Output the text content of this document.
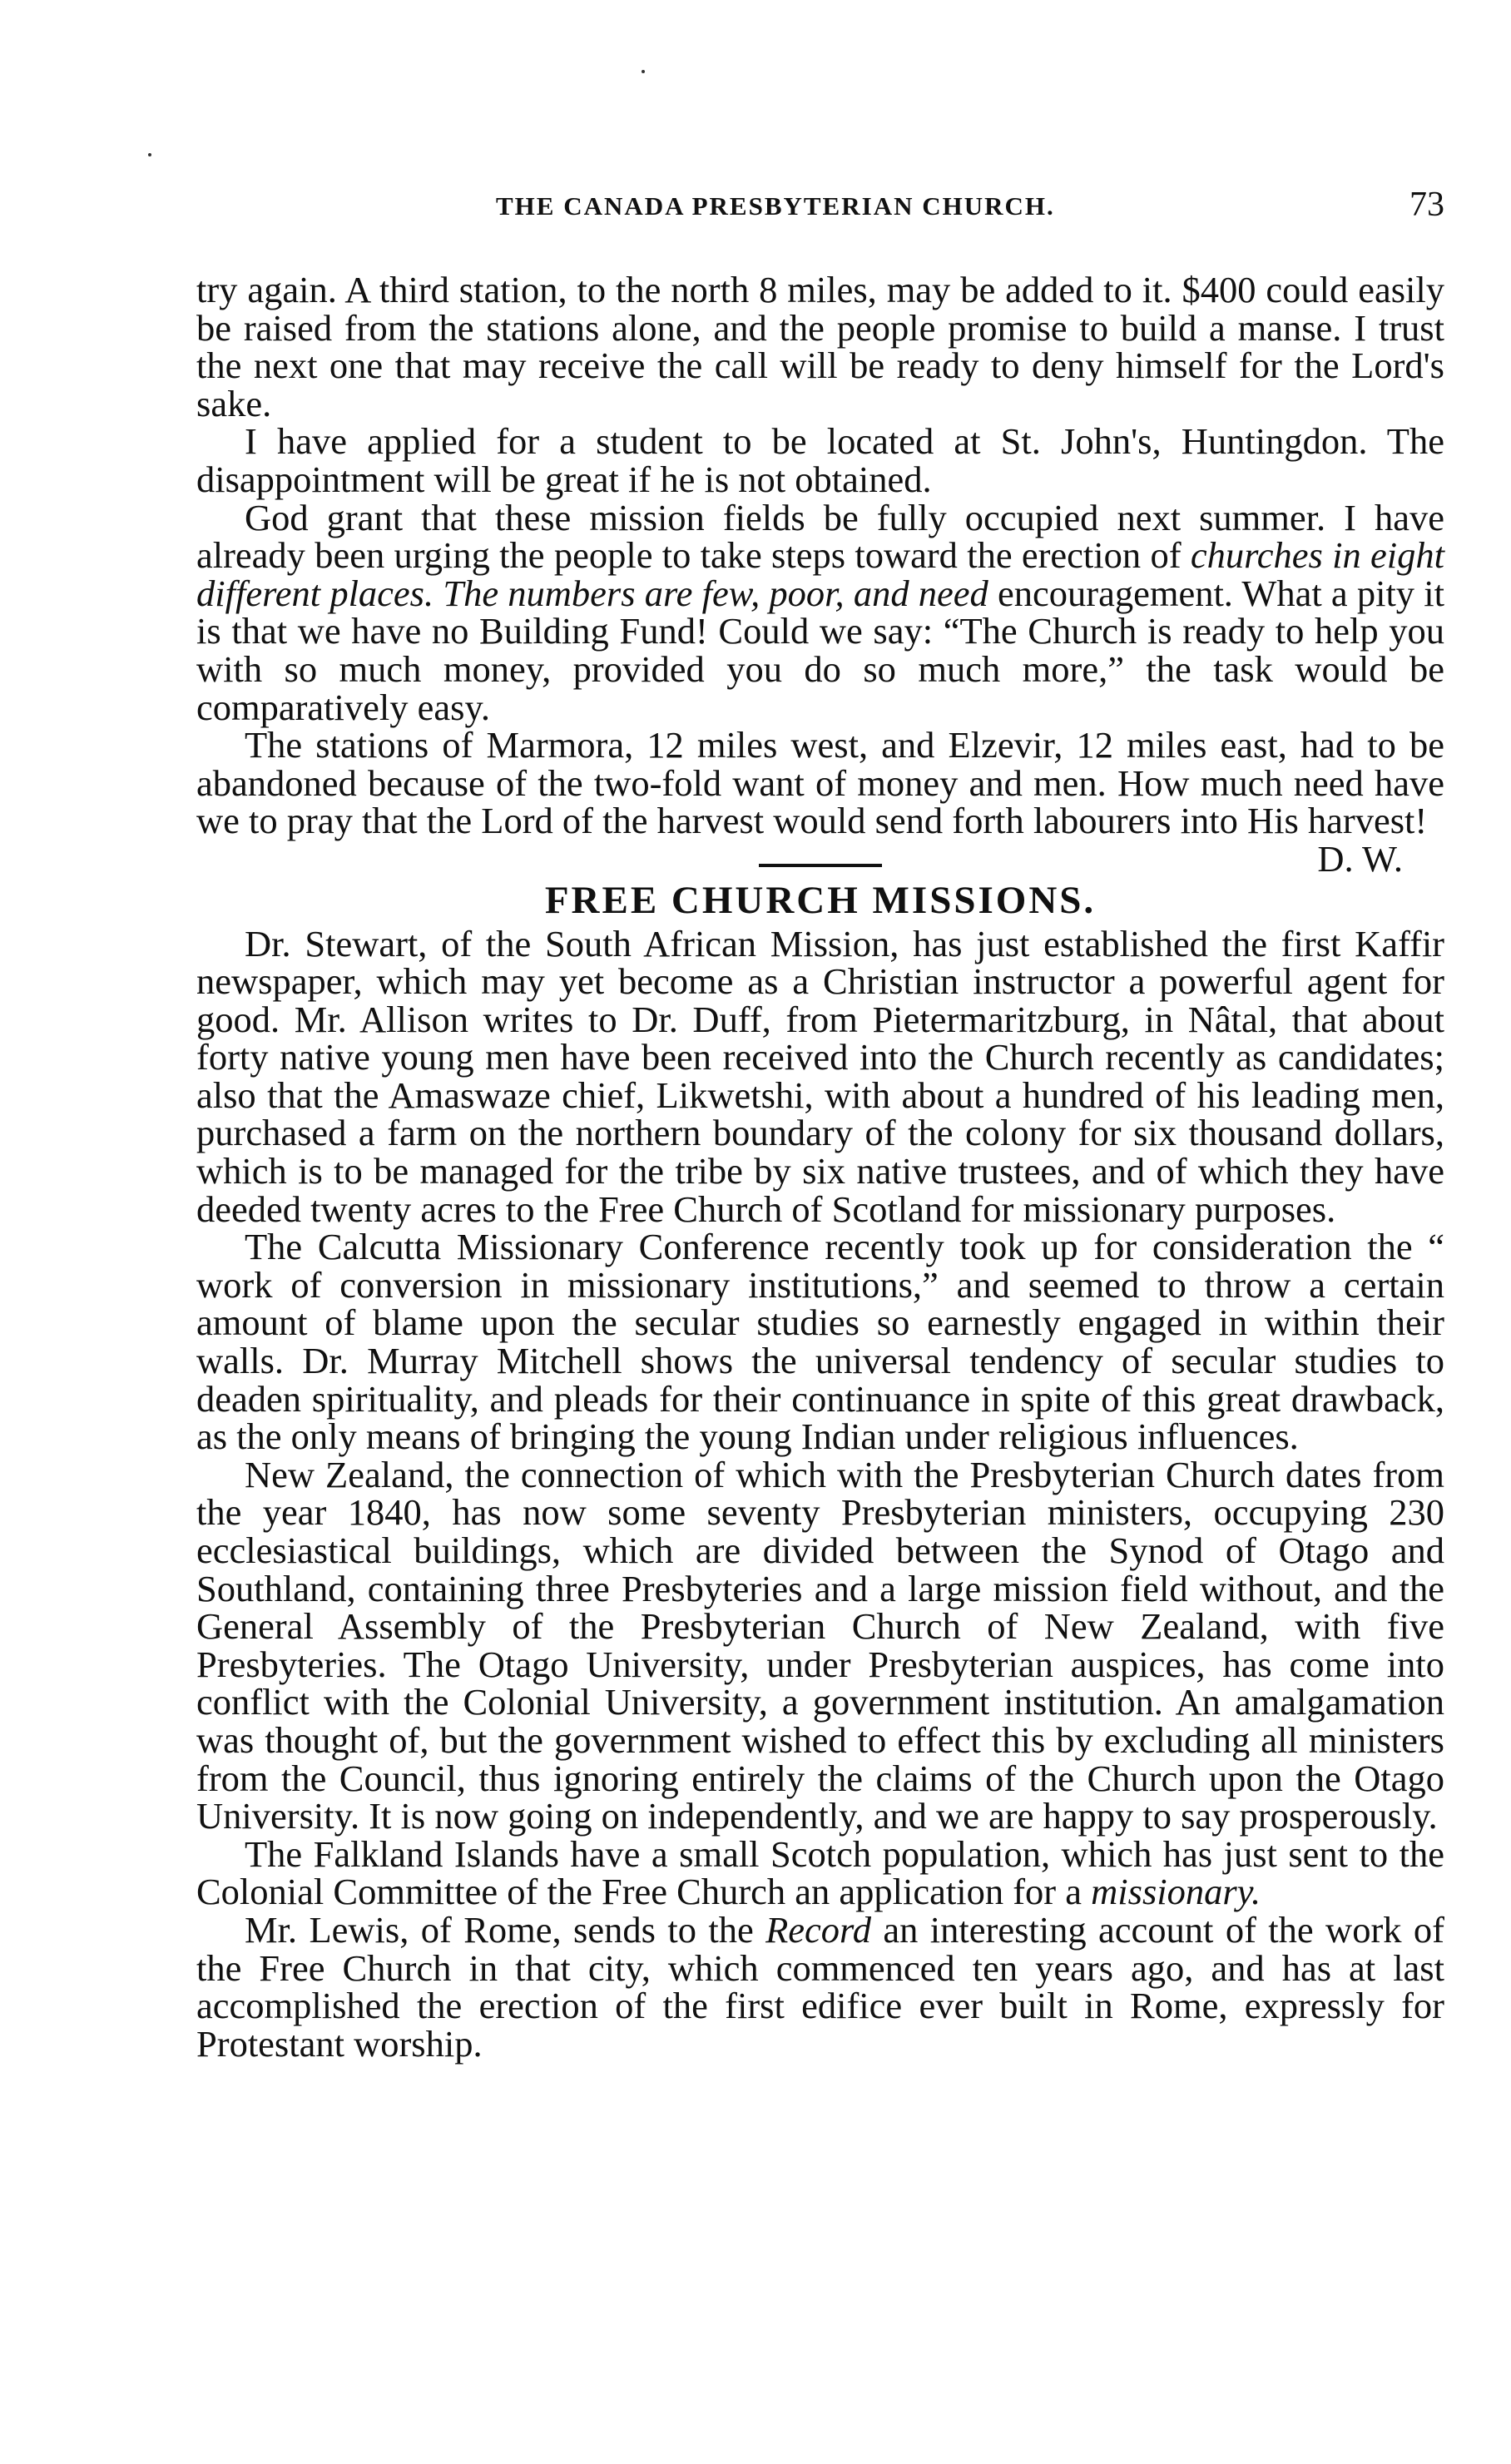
THE CANADA PRESBYTERIAN CHURCH.	73

try again. A third station, to the north 8 miles, may be added to it. $400 could easily be raised from the stations alone, and the people promise to build a manse. I trust the next one that may receive the call will be ready to deny himself for the Lord's sake.

I have applied for a student to be located at St. John's, Huntingdon. The disappointment will be great if he is not obtained.

God grant that these mission fields be fully occupied next summer. I have already been urging the people to take steps toward the erection of churches in eight different places. The numbers are few, poor, and need encouragement. What a pity it is that we have no Building Fund! Could we say: “The Church is ready to help you with so much money, provided you do so much more,” the task would be comparatively easy.

The stations of Marmora, 12 miles west, and Elzevir, 12 miles east, had to be abandoned because of the two-fold want of money and men. How much need have we to pray that the Lord of the harvest would send forth labourers into His harvest!
D. W.

FREE CHURCH MISSIONS.

Dr. Stewart, of the South African Mission, has just established the first Kaffir newspaper, which may yet become as a Christian instructor a powerful agent for good. Mr. Allison writes to Dr. Duff, from Pietermaritzburg, in Nâtal, that about forty native young men have been received into the Church recently as candidates; also that the Amaswaze chief, Likwetshi, with about a hundred of his leading men, purchased a farm on the northern boundary of the colony for six thousand dollars, which is to be managed for the tribe by six native trustees, and of which they have deeded twenty acres to the Free Church of Scotland for missionary purposes.

The Calcutta Missionary Conference recently took up for consideration the “ work of conversion in missionary institutions,” and seemed to throw a certain amount of blame upon the secular studies so earnestly engaged in within their walls. Dr. Murray Mitchell shows the universal tendency of secular studies to deaden spirituality, and pleads for their continuance in spite of this great drawback, as the only means of bringing the young Indian under religious influences.

New Zealand, the connection of which with the Presbyterian Church dates from the year 1840, has now some seventy Presbyterian ministers, occupying 230 ecclesiastical buildings, which are divided between the Synod of Otago and Southland, containing three Presbyteries and a large mission field without, and the General Assembly of the Presbyterian Church of New Zealand, with five Presbyteries. The Otago University, under Presbyterian auspices, has come into conflict with the Colonial University, a government institution. An amalgamation was thought of, but the government wished to effect this by excluding all ministers from the Council, thus ignoring entirely the claims of the Church upon the Otago University. It is now going on independently, and we are happy to say prosperously.

The Falkland Islands have a small Scotch population, which has just sent to the Colonial Committee of the Free Church an application for a missionary.

Mr. Lewis, of Rome, sends to the Record an interesting account of the work of the Free Church in that city, which commenced ten years ago, and has at last accomplished the erection of the first edifice ever built in Rome, expressly for Protestant worship.
